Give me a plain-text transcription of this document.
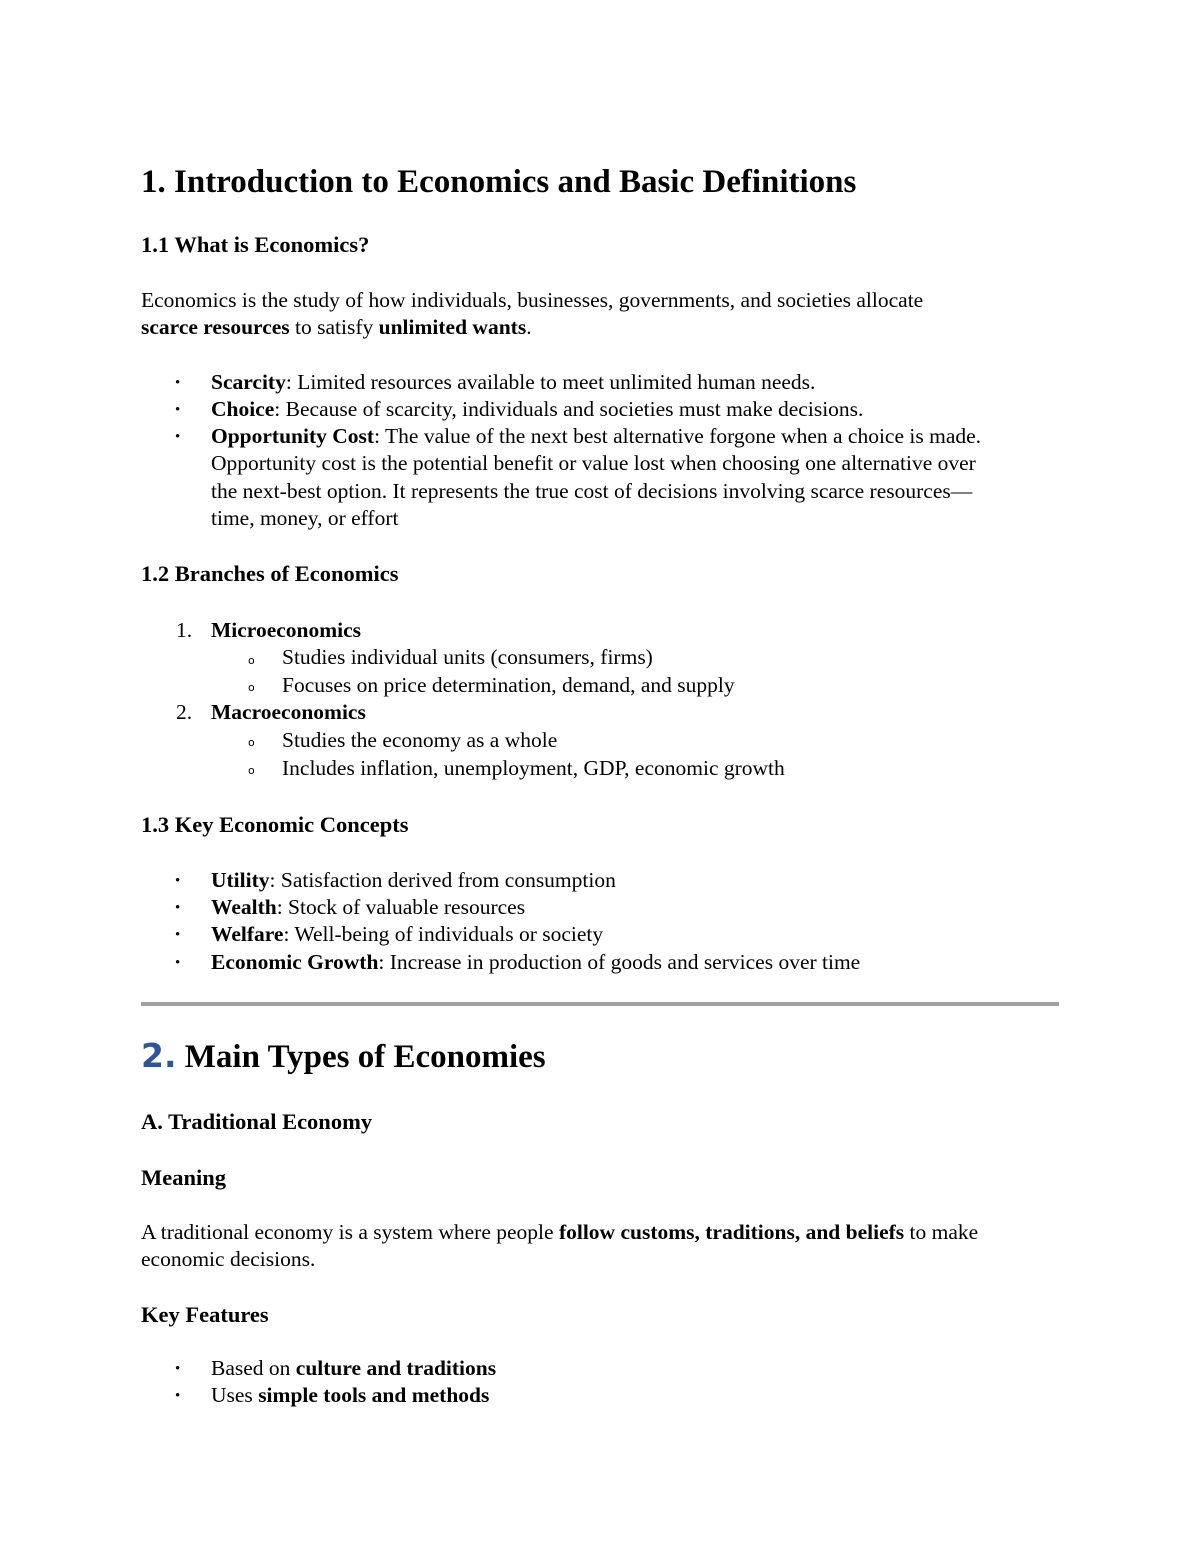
1. Introduction to Economics and Basic Definitions
1.1 What is Economics?

Economics is the study of how individuals, businesses, governments, and societies allocate

scarce resources to satisfy unlimited wants.

• Scarcity: Limited resources available to meet unlimited human needs.

• Choice: Because of scarcity, individuals and societies must make decisions.

• Opportunity Cost: The value of the next best alternative forgone when a choice is made.

Opportunity cost is the potential benefit or value lost when choosing one alternative over

the next-best option. It represents the true cost of decisions involving scarce resources—

time, money, or effort

1.2 Branches of Economics
1. Microeconomics

o Studies individual units (consumers, firms)

o Focuses on price determination, demand, and supply

2. Macroeconomics

o Studies the economy as a whole

o Includes inflation, unemployment, GDP, economic growth

1.3 Key Economic Concepts
• Utility: Satisfaction derived from consumption

• Wealth: Stock of valuable resources

• Welfare: Well-being of individuals or society

• Economic Growth: Increase in production of goods and services over time

2. Main Types of Economies
A. Traditional Economy
Meaning

A traditional economy is a system where people follow customs, traditions, and beliefs to make

economic decisions.

Key Features
• Based on culture and traditions

• Uses simple tools and methods
